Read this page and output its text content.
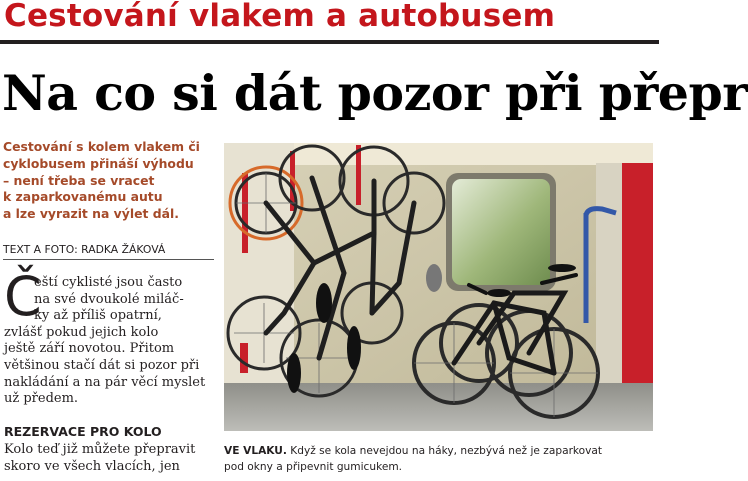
Cestování vlakem a autobusem
Na co si dát pozor při přepr
Cestování s kolem vlakem či
cyklobusem přináší výhodu
– není třeba se vracet
k zaparkovanému autu
a lze vyrazit na výlet dál.
TEXT A FOTO: RADKA ŽÁKOVÁ
Č
eští cyklisté jsou často
na své dvoukolé miláč-
ky až příliš opatrní,
zvlášť pokud jejich kolo
ještě září novotou. Přitom
většinou stačí dát si pozor při
nakládání a na pár věcí myslet
už předem.
REZERVACE PRO KOLO
Kolo teď již můžete přepravit
skoro ve všech vlacích, jen
VE VLAKU. Když se kola nevejdou na háky, nezbývá než je zaparkovat
pod okny a připevnit gumicukem.
